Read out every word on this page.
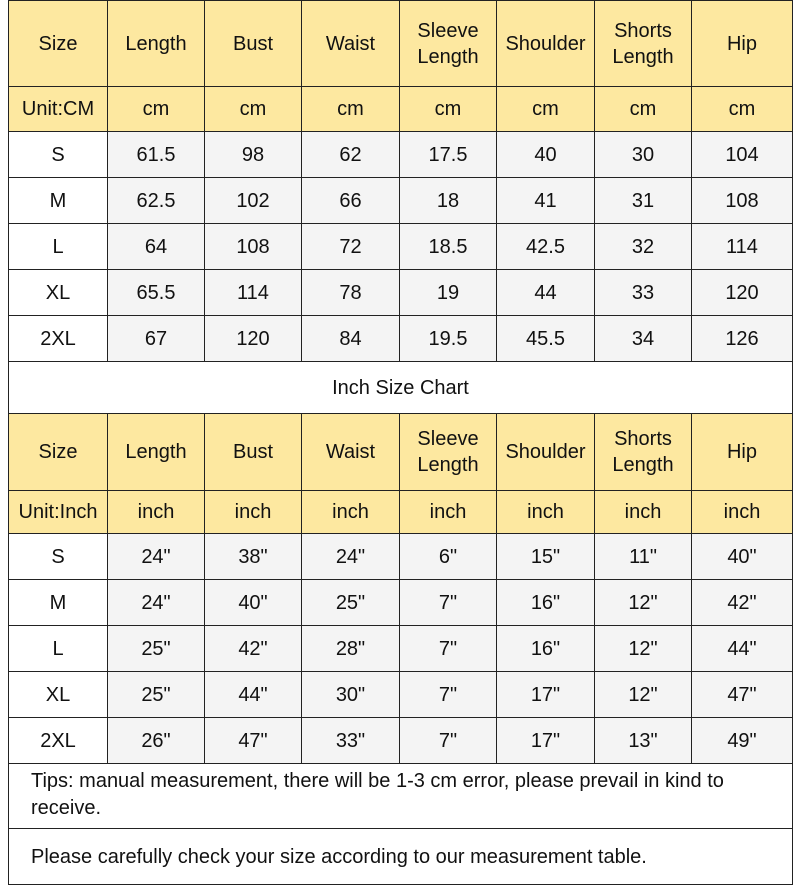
Size	Length	Bust	Waist	Sleeve Length	Shoulder	Shorts Length	Hip
Unit:CM	cm	cm	cm	cm	cm	cm	cm
S	61.5	98	62	17.5	40	30	104
M	62.5	102	66	18	41	31	108
L	64	108	72	18.5	42.5	32	114
XL	65.5	114	78	19	44	33	120
2XL	67	120	84	19.5	45.5	34	126
Inch Size Chart							
Size	Length	Bust	Waist	Sleeve Length	Shoulder	Shorts Length	Hip
Unit:Inch	inch	inch	inch	inch	inch	inch	inch
S	24"	38"	24"	6"	15"	11"	40"
M	24"	40"	25"	7"	16"	12"	42"
L	25"	42"	28"	7"	16"	12"	44"
XL	25"	44"	30"	7"	17"	12"	47"
2XL	26"	47"	33"	7"	17"	13"	49"
Tips: manual measurement, there will be 1-3 cm error, please prevail in kind to receive.							
Please carefully check your size according to our measurement table.							
